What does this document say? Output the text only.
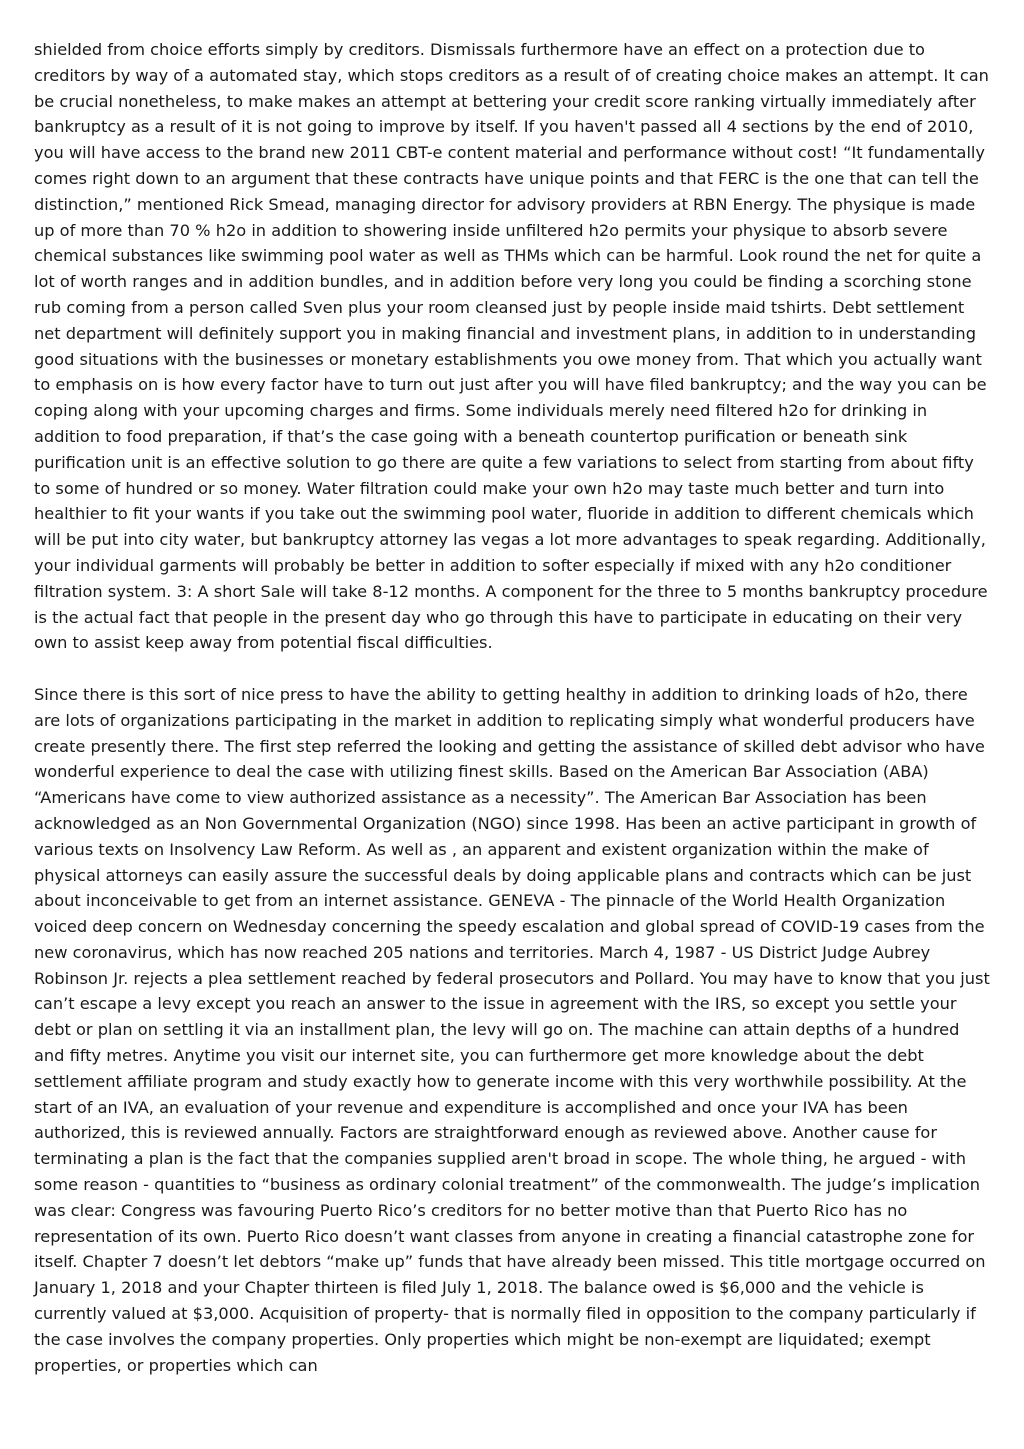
shielded from choice efforts simply by creditors. Dismissals furthermore have an effect on a protection due to creditors by way of a automated stay, which stops creditors as a result of of creating choice makes an attempt. It can be crucial nonetheless, to make makes an attempt at bettering your credit score ranking virtually immediately after bankruptcy as a result of it is not going to improve by itself. If you haven't passed all 4 sections by the end of 2010, you will have access to the brand new 2011 CBT-e content material and performance without cost! “It fundamentally comes right down to an argument that these contracts have unique points and that FERC is the one that can tell the distinction,” mentioned Rick Smead, managing director for advisory providers at RBN Energy. The physique is made up of more than 70 % h2o in addition to showering inside unfiltered h2o permits your physique to absorb severe chemical substances like swimming pool water as well as THMs which can be harmful. Look round the net for quite a lot of worth ranges and in addition bundles, and in addition before very long you could be finding a scorching stone rub coming from a person called Sven plus your room cleansed just by people inside maid tshirts. Debt settlement net department will definitely support you in making financial and investment plans, in addition to in understanding good situations with the businesses or monetary establishments you owe money from. That which you actually want to emphasis on is how every factor have to turn out just after you will have filed bankruptcy; and the way you can be coping along with your upcoming charges and firms. Some individuals merely need filtered h2o for drinking in addition to food preparation, if that’s the case going with a beneath countertop purification or beneath sink purification unit is an effective solution to go there are quite a few variations to select from starting from about fifty to some of hundred or so money. Water filtration could make your own h2o may taste much better and turn into healthier to fit your wants if you take out the swimming pool water, fluoride in addition to different chemicals which will be put into city water, but bankruptcy attorney las vegas a lot more advantages to speak regarding. Additionally, your individual garments will probably be better in addition to softer especially if mixed with any h2o conditioner filtration system. 3: A short Sale will take 8-12 months. A component for the three to 5 months bankruptcy procedure is the actual fact that people in the present day who go through this have to participate in educating on their very own to assist keep away from potential fiscal difficulties.

Since there is this sort of nice press to have the ability to getting healthy in addition to drinking loads of h2o, there are lots of organizations participating in the market in addition to replicating simply what wonderful producers have create presently there. The first step referred the looking and getting the assistance of skilled debt advisor who have wonderful experience to deal the case with utilizing finest skills. Based on the American Bar Association (ABA) “Americans have come to view authorized assistance as a necessity”. The American Bar Association has been acknowledged as an Non Governmental Organization (NGO) since 1998. Has been an active participant in growth of various texts on Insolvency Law Reform. As well as , an apparent and existent organization within the make of physical attorneys can easily assure the successful deals by doing applicable plans and contracts which can be just about inconceivable to get from an internet assistance. GENEVA - The pinnacle of the World Health Organization voiced deep concern on Wednesday concerning the speedy escalation and global spread of COVID-19 cases from the new coronavirus, which has now reached 205 nations and territories. March 4, 1987 - US District Judge Aubrey Robinson Jr. rejects a plea settlement reached by federal prosecutors and Pollard. You may have to know that you just can’t escape a levy except you reach an answer to the issue in agreement with the IRS, so except you settle your debt or plan on settling it via an installment plan, the levy will go on. The machine can attain depths of a hundred and fifty metres. Anytime you visit our internet site, you can furthermore get more knowledge about the debt settlement affiliate program and study exactly how to generate income with this very worthwhile possibility. At the start of an IVA, an evaluation of your revenue and expenditure is accomplished and once your IVA has been authorized, this is reviewed annually. Factors are straightforward enough as reviewed above. Another cause for terminating a plan is the fact that the companies supplied aren't broad in scope. The whole thing, he argued - with some reason - quantities to “business as ordinary colonial treatment” of the commonwealth. The judge’s implication was clear: Congress was favouring Puerto Rico’s creditors for no better motive than that Puerto Rico has no representation of its own. Puerto Rico doesn’t want classes from anyone in creating a financial catastrophe zone for itself. Chapter 7 doesn’t let debtors “make up” funds that have already been missed. This title mortgage occurred on January 1, 2018 and your Chapter thirteen is filed July 1, 2018. The balance owed is $6,000 and the vehicle is currently valued at $3,000. Acquisition of property- that is normally filed in opposition to the company particularly if the case involves the company properties. Only properties which might be non-exempt are liquidated; exempt properties, or properties which can
